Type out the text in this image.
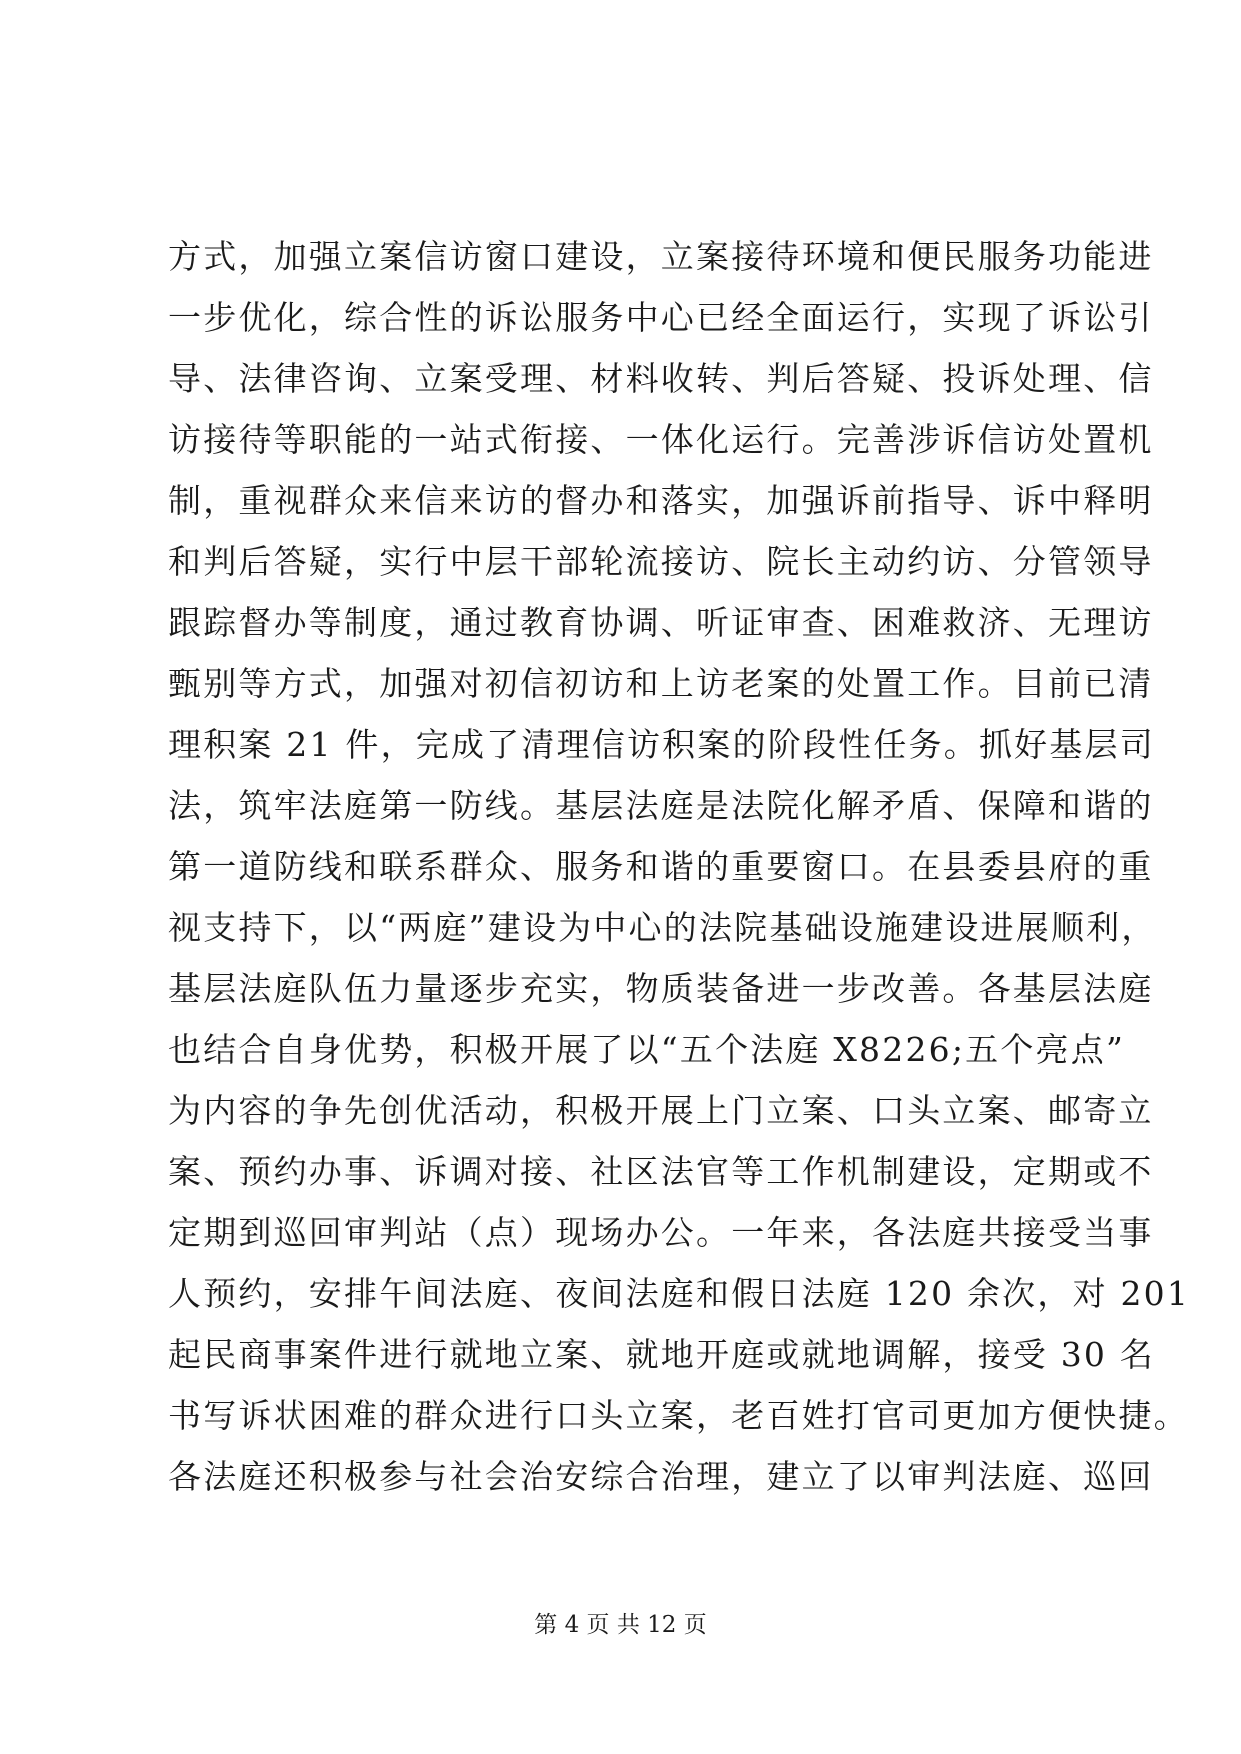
方式，加强立案信访窗口建设，立案接待环境和便民服务功能进
一步优化，综合性的诉讼服务中心已经全面运行，实现了诉讼引
导、法律咨询、立案受理、材料收转、判后答疑、投诉处理、信
访接待等职能的一站式衔接、一体化运行。完善涉诉信访处置机
制，重视群众来信来访的督办和落实，加强诉前指导、诉中释明
和判后答疑，实行中层干部轮流接访、院长主动约访、分管领导
跟踪督办等制度，通过教育协调、听证审查、困难救济、无理访
甄别等方式，加强对初信初访和上访老案的处置工作。目前已清
理积案 21 件，完成了清理信访积案的阶段性任务。抓好基层司
法，筑牢法庭第一防线。基层法庭是法院化解矛盾、保障和谐的
第一道防线和联系群众、服务和谐的重要窗口。在县委县府的重
视支持下，以“两庭”建设为中心的法院基础设施建设进展顺利，
基层法庭队伍力量逐步充实，物质装备进一步改善。各基层法庭
也结合自身优势，积极开展了以“五个法庭 X8226;五个亮点”
为内容的争先创优活动，积极开展上门立案、口头立案、邮寄立
案、预约办事、诉调对接、社区法官等工作机制建设，定期或不
定期到巡回审判站（点）现场办公。一年来，各法庭共接受当事
人预约，安排午间法庭、夜间法庭和假日法庭 120 余次，对 201
起民商事案件进行就地立案、就地开庭或就地调解，接受 30 名
书写诉状困难的群众进行口头立案，老百姓打官司更加方便快捷。
各法庭还积极参与社会治安综合治理，建立了以审判法庭、巡回
第 4 页 共 12 页
